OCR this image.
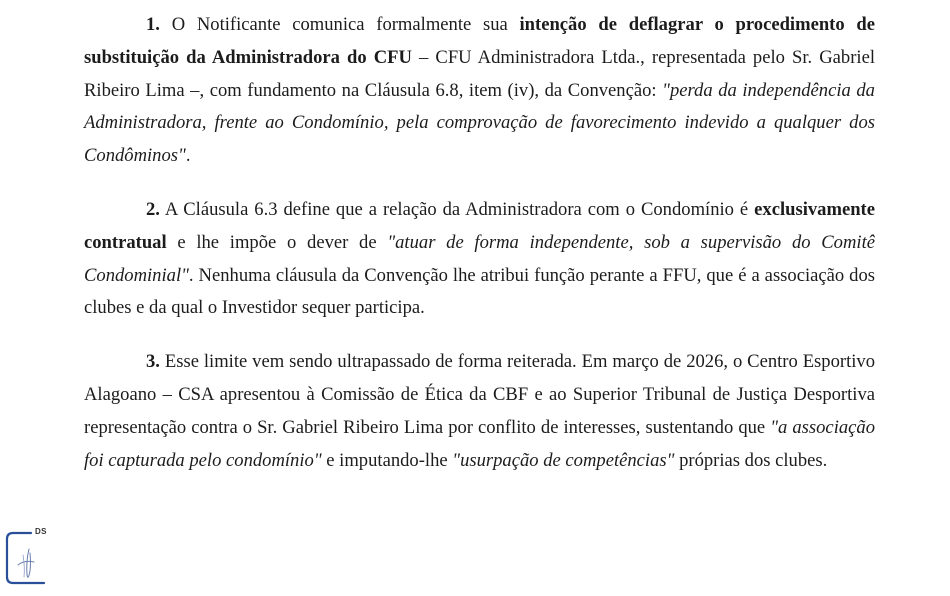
1. O Notificante comunica formalmente sua intenção de deflagrar o procedimento de substituição da Administradora do CFU – CFU Administradora Ltda., representada pelo Sr. Gabriel Ribeiro Lima –, com fundamento na Cláusula 6.8, item (iv), da Convenção: "perda da independência da Administradora, frente ao Condomínio, pela comprovação de favorecimento indevido a qualquer dos Condôminos".

2. A Cláusula 6.3 define que a relação da Administradora com o Condomínio é exclusivamente contratual e lhe impõe o dever de "atuar de forma independente, sob a supervisão do Comitê Condominial". Nenhuma cláusula da Convenção lhe atribui função perante a FFU, que é a associação dos clubes e da qual o Investidor sequer participa.

3. Esse limite vem sendo ultrapassado de forma reiterada. Em março de 2026, o Centro Esportivo Alagoano – CSA apresentou à Comissão de Ética da CBF e ao Superior Tribunal de Justiça Desportiva representação contra o Sr. Gabriel Ribeiro Lima por conflito de interesses, sustentando que "a associação foi capturada pelo condomínio" e imputando-lhe "usurpação de competências" próprias dos clubes.

DS
